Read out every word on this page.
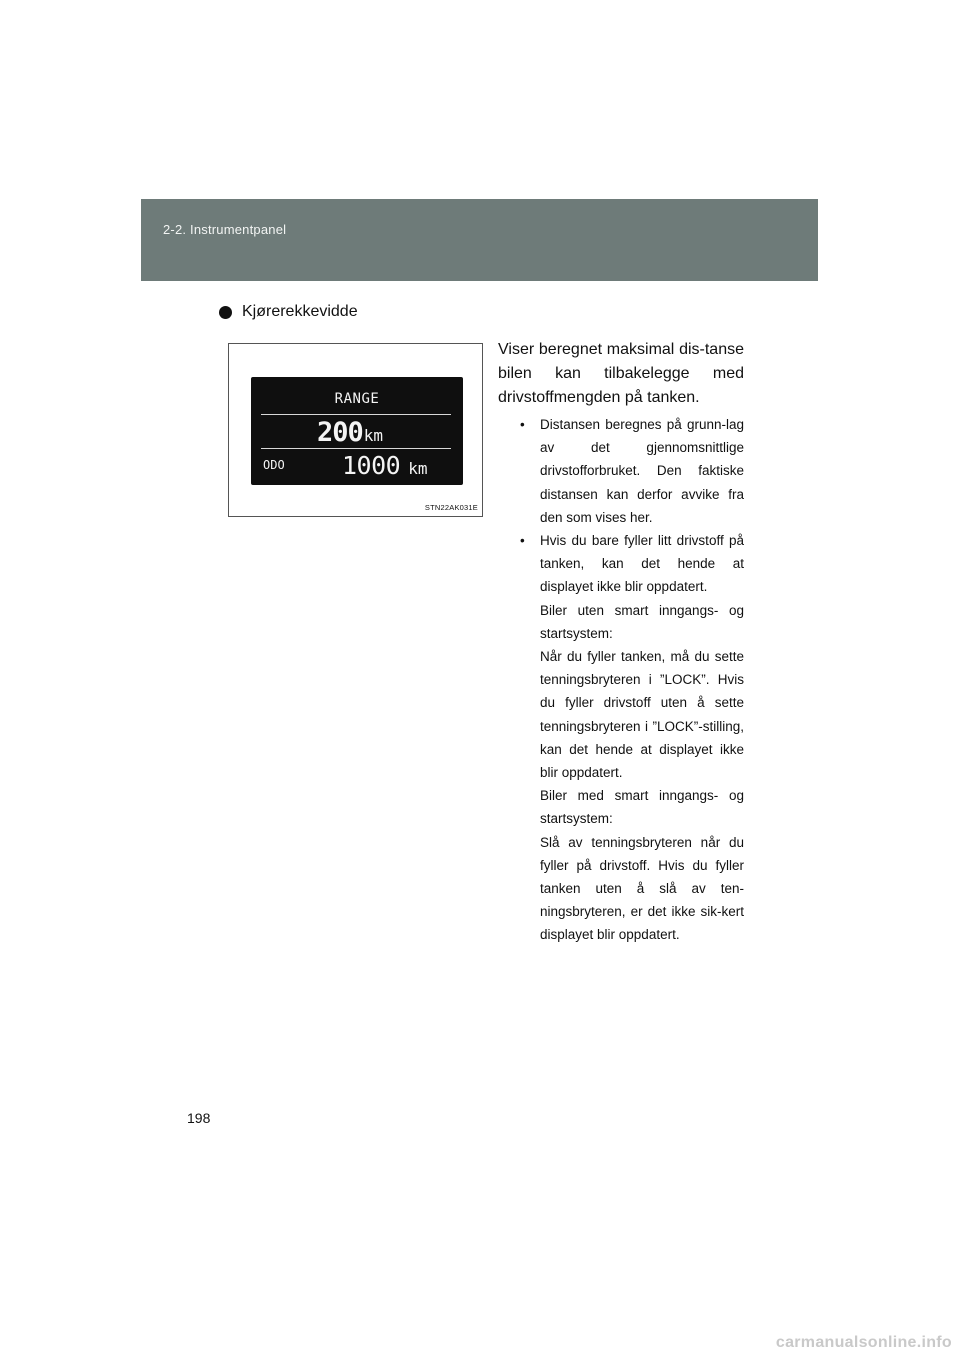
2-2. Instrumentpanel
Kjørerekkevidde
RANGE
200km
ODO 1000 km
STN22AK031E
Viser beregnet maksimal dis-tanse bilen kan tilbakelegge med drivstoffmengden på tanken.
• Distansen beregnes på grunn-lag av det gjennomsnittlige drivstofforbruket. Den faktiske distansen kan derfor avvike fra den som vises her.
• Hvis du bare fyller litt drivstoff på tanken, kan det hende at displayet ikke blir oppdatert.
Biler uten smart inngangs- og startsystem:
Når du fyller tanken, må du sette tenningsbryteren i ”LOCK”. Hvis du fyller drivstoff uten å sette tenningsbryteren i ”LOCK”-stilling, kan det hende at displayet ikke blir oppdatert.
Biler med smart inngangs- og startsystem:
Slå av tenningsbryteren når du fyller på drivstoff. Hvis du fyller tanken uten å slå av ten-ningsbryteren, er det ikke sik-kert displayet blir oppdatert.
198
carmanualsonline.info
